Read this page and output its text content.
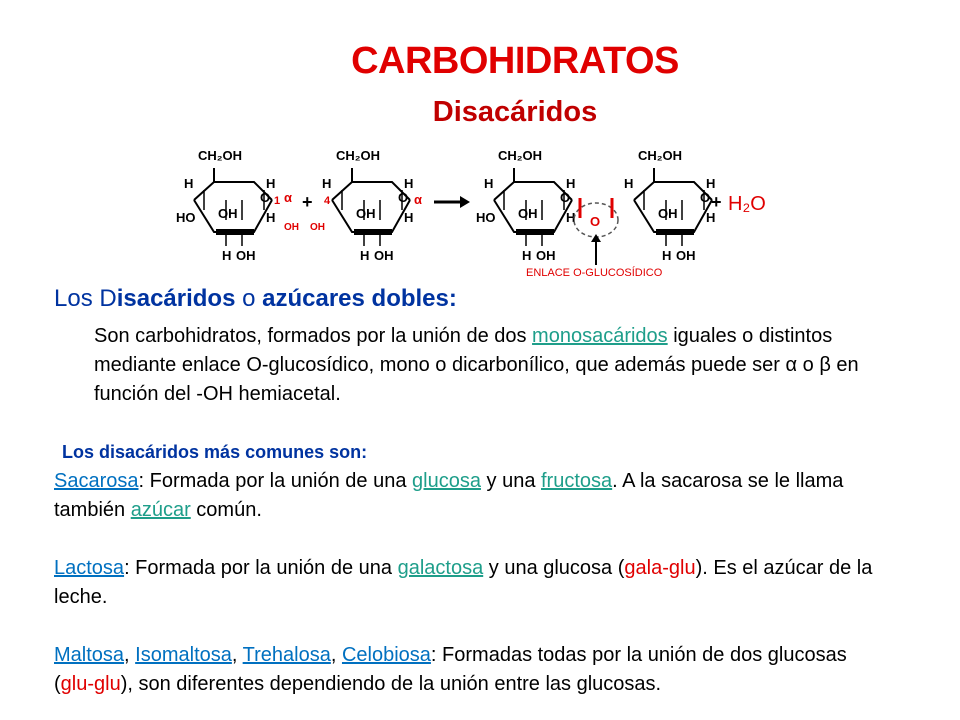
CARBOHIDRATOS
Disacáridos
CH₂OH
H
O
H
HO OH H
H OH
1 α
OH
+
CH₂OH
H
O
H
4
OH
OH H
H OH
α
CH₂OH
H
O
H
HO OH H
H OH
O
ENLACE O-GLUCOSÍDICO
CH₂OH
H
O
H
OH H
H OH
+ H₂O
Los Disacáridos o azúcares dobles:
Son carbohidratos, formados por la unión de dos monosacáridos iguales o distintos mediante enlace O-glucosídico, mono o dicarbonílico, que además puede ser α o β en función del -OH hemiacetal.
Los disacáridos más comunes son:
Sacarosa: Formada por la unión de una glucosa y una fructosa. A la sacarosa se le llama también azúcar común.
Lactosa: Formada por la unión de una galactosa y una glucosa (gala-glu). Es el azúcar de la leche.
Maltosa, Isomaltosa, Trehalosa, Celobiosa: Formadas todas por la unión de dos glucosas (glu-glu), son diferentes dependiendo de la unión entre las glucosas.
